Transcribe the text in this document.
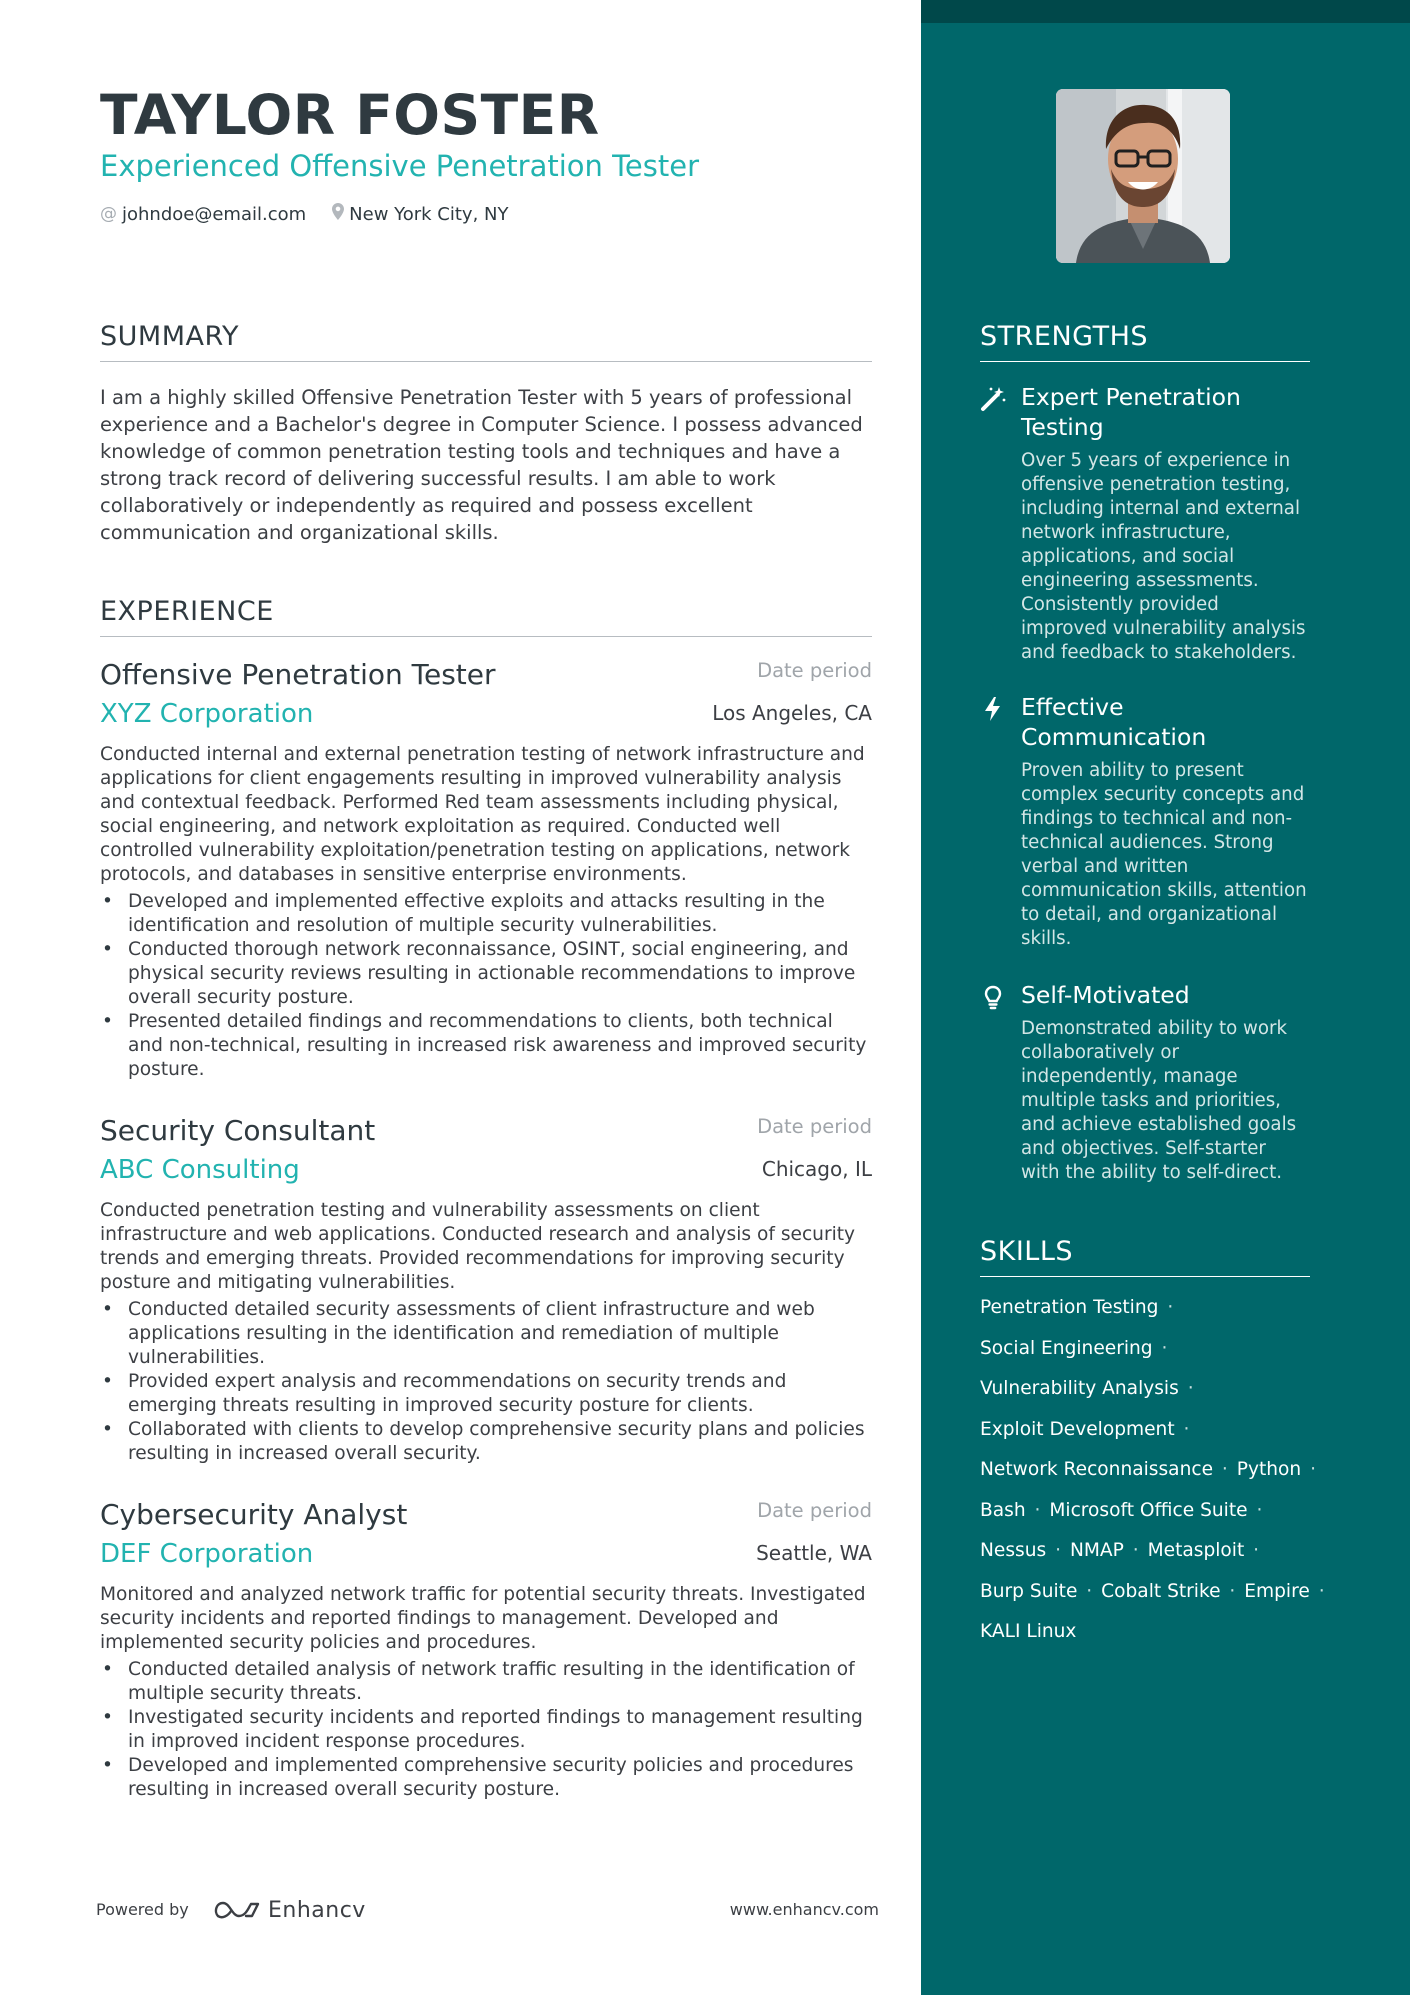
TAYLOR FOSTER
Experienced Offensive Penetration Tester
@ johndoe@email.com New York City, NY
SUMMARY
I am a highly skilled Offensive Penetration Tester with 5 years of professional experience and a Bachelor's degree in Computer Science. I possess advanced knowledge of common penetration testing tools and techniques and have a strong track record of delivering successful results. I am able to work collaboratively or independently as required and possess excellent communication and organizational skills.
EXPERIENCE
Offensive Penetration Tester	Date period
XYZ Corporation	Los Angeles, CA
Conducted internal and external penetration testing of network infrastructure and applications for client engagements resulting in improved vulnerability analysis and contextual feedback. Performed Red team assessments including physical, social engineering, and network exploitation as required. Conducted well controlled vulnerability exploitation/penetration testing on applications, network protocols, and databases in sensitive enterprise environments.
• Developed and implemented effective exploits and attacks resulting in the identification and resolution of multiple security vulnerabilities.
• Conducted thorough network reconnaissance, OSINT, social engineering, and physical security reviews resulting in actionable recommendations to improve overall security posture.
• Presented detailed findings and recommendations to clients, both technical and non-technical, resulting in increased risk awareness and improved security posture.
Security Consultant	Date period
ABC Consulting	Chicago, IL
Conducted penetration testing and vulnerability assessments on client infrastructure and web applications. Conducted research and analysis of security trends and emerging threats. Provided recommendations for improving security posture and mitigating vulnerabilities.
• Conducted detailed security assessments of client infrastructure and web applications resulting in the identification and remediation of multiple vulnerabilities.
• Provided expert analysis and recommendations on security trends and emerging threats resulting in improved security posture for clients.
• Collaborated with clients to develop comprehensive security plans and policies resulting in increased overall security.
Cybersecurity Analyst	Date period
DEF Corporation	Seattle, WA
Monitored and analyzed network traffic for potential security threats. Investigated security incidents and reported findings to management. Developed and implemented security policies and procedures.
• Conducted detailed analysis of network traffic resulting in the identification of multiple security threats.
• Investigated security incidents and reported findings to management resulting in improved incident response procedures.
• Developed and implemented comprehensive security policies and procedures resulting in increased overall security posture.
Powered by	Enhancv	www.enhancv.com
STRENGTHS
Expert Penetration Testing
Over 5 years of experience in offensive penetration testing, including internal and external network infrastructure, applications, and social engineering assessments. Consistently provided improved vulnerability analysis and feedback to stakeholders.
Effective Communication
Proven ability to present complex security concepts and findings to technical and non-technical audiences. Strong verbal and written communication skills, attention to detail, and organizational skills.
Self-Motivated
Demonstrated ability to work collaboratively or independently, manage multiple tasks and priorities, and achieve established goals and objectives. Self-starter with the ability to self-direct.
SKILLS
Penetration Testing ·
Social Engineering ·
Vulnerability Analysis ·
Exploit Development ·
Network Reconnaissance · Python ·
Bash · Microsoft Office Suite ·
Nessus · NMAP · Metasploit ·
Burp Suite · Cobalt Strike · Empire ·
KALI Linux
